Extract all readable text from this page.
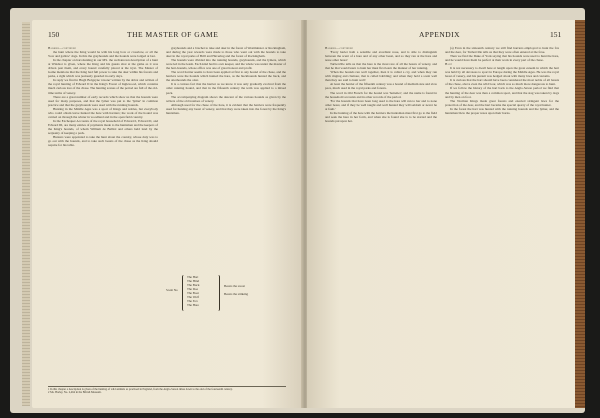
150	THE MASTER OF GAME

Harrier—continued

the hunt where the King would be with his long bow or crossbow, or all the 'bow and gallow' dogs. In this the greyhounds and the hounds were lodged at last.

In the chapter on hart-hunting in our MS. the well-known description of a hunt at Windsor is given, where the King and his guests shot at the game as it was driven past them, and every hound carefully placed at the tryst. The Master of Game mentions that the King had full power to take the deer within his forests and parks, a right which was jealously guarded in early days.

In reply we find in Hugh Bolgeyne 'ersone' written by the abbot and written of the royal hunting of Edward II in the King's Forest of Inglewood, which contains much curious lore of the chase. The hunting scenes of the period are full of the old-time terms of venery.

There are a great number of early records which show us that the hounds were used for many purposes, and that the lymer was put to the 'lymer' in common practice and that the greyhounds were used with the running hounds.

Hunting in the Middle Ages was a sport of Kings and nobles, but everybody who could obtain leave hunted the hare with harriers; the work of the hound was carried on through the winter in woodland and in the open field country.

In the Exchequer Accounts of the royal household of Edward I, Edward II, and Edward III, are many entries of payments made to the huntsmen and the keepers of the King's hounds, of whom William de Balliol and others held land by the serjeanty of keeping a pack.

Hunters were appointed to take the hunt about the country, whose duty was to go out with the hounds, and to take such beasts of the chase as the King should require for his table.

greyhounds and a brachet to take and deer in the forest of Westminster or Rockingham, and during the year rewards were made to those who went out with the hounds to take deer in the royal parks of Brill and Havering and the forest of Rockingham.

The hounds were divided into the running hounds, greyhounds, and the lymers, which were led in the leash. Each kind had its own keeper, and the whole was under the master of the hart-hounds, whose office was one of great honour and profit.

The word harrier seems to have been applied at first to any hound of the chase, and the harriers were the hounds which hunted the hare, as the buckhounds hunted the buck, and the otterhounds the otter.

It is a curious fact that the harrier as we know it was only gradually evolved from the older running hound, and that in the fifteenth century the term was applied to a mixed pack.

The accompanying diagram shows the descent of the various hounds as given by the writers of the old treatises of venery.

Although used for the chase of the hare, it is evident that the harriers were frequently used for hunting any beast of venery, and that they were taken into the forest by the King's huntsmen.

Scent No
The Hart
The Hind
The Buck
The Doe
The Boar
The Wolf
The Fox
The Hare
Beasts the sweet
Beasts the stinking

1 In this chapter a description is given of the hunting of wild animals as practised in England, from the Anglo-Saxon times down to the end of the fourteenth century.

2 Ms. Harley, No. 2,464 in the British Museum.

APPENDIX	151

Harrier—continued

'Every harier hath a sensible and excellent nose, and is able to distinguish between the scent of a hare and of any other beast, and so they run at the hare and none other beast.'

Turberville tells us that the hare is the most rare of all the beasts of venery, and that he that would learn to hunt her must first learn the manner of her running.

'When the hounds run well together, then it is called a cry, and when they run with ringing and clamour, that is called babbling; and when they hold a scent well then they are said to hunt well.'

At least the harrier of the fifteenth century was a hound of medium size and slow pace, much used in the royal parks and forests.

The word in Old French for the hound was 'hairetier', and the name is found in the household accounts and in other records of the period.

'For the hounds that have been long used to the hare will run to her and to none other beast, and if they be well taught and well hunted they will seldom or never be at fault.'

In the hunting of the hare with the harriers the huntsman must first go to the field and seek the hare in her form, and when she is found she is to be started and the hounds put upon her.

(a) Even in the sixteenth century we still find harriers employed to hunt the fox and the deer, for Turberville tells us that they were often entered at the foxe.

Then we find the Duke of York saying that his hounds were used to hunt the hare, and he would have them be perfect at their work in every part of the chase.

Hart

It is not necessary to dwell here at length upon the great esteem in which the hart was held by all devotees to sport in Europe during the Middle Ages. He was the royal beast of venery, and his pursuit was hedged about with many laws and customs.

It is curious that the hart should have been considered the most noble of all beasts of the chase, above even the wild boar, which was so much more dangerous to hunt.

If we follow the history of the hart back to the Anglo-Saxon period we find that the hunting of the deer was then a common sport, and that the stag was taken by dogs and by men on foot.

The Norman Kings made great forests and enacted stringent laws for the protection of the deer, and the hart became the special quarry of the royal hunter.

In the forest the hart was hunted with the running hounds and the lymer, and the huntsmen blew the proper notes upon their horns.
